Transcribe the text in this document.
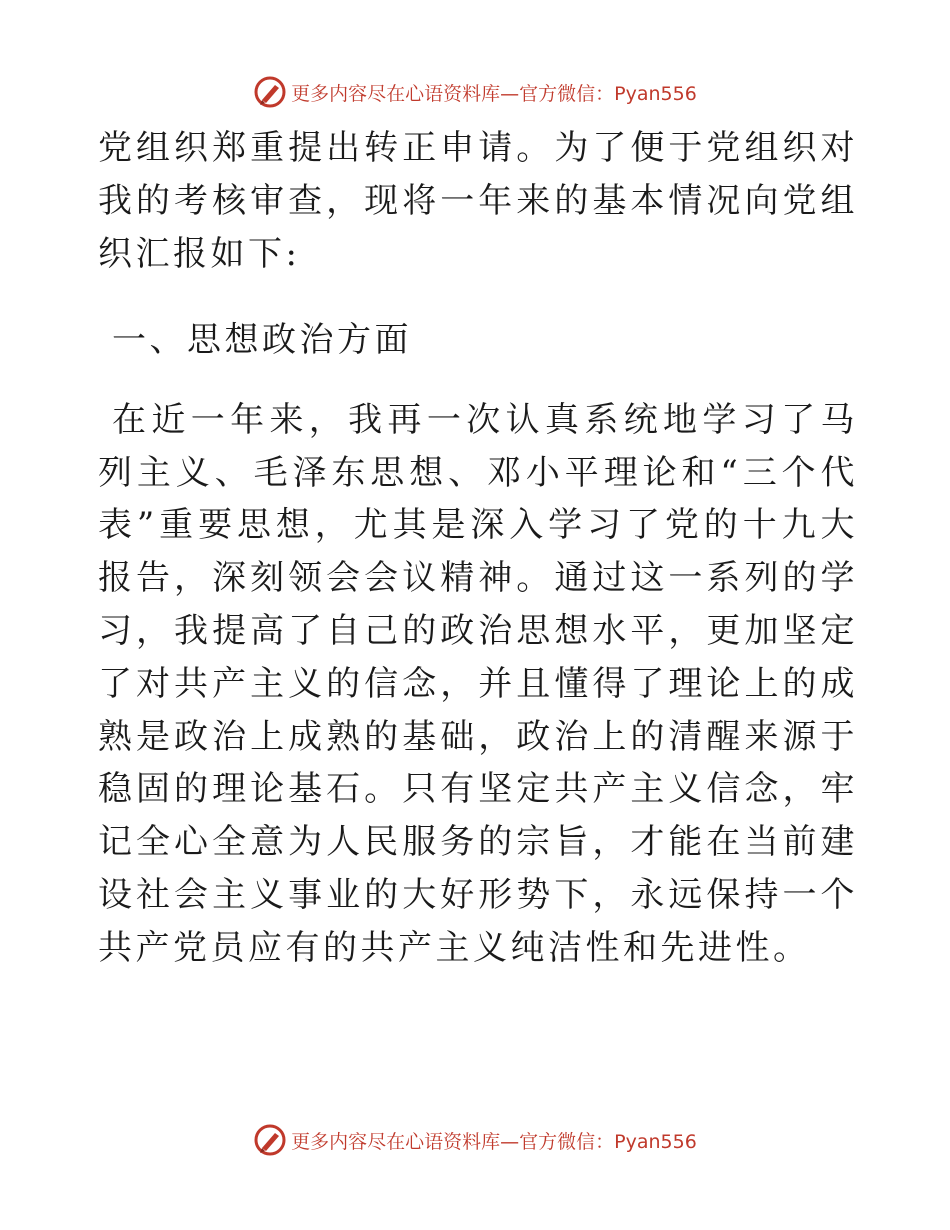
更多内容尽在心语资料库—官方微信：Pyan556

党组织郑重提出转正申请。为了便于党组织对我的考核审查，现将一年来的基本情况向党组织汇报如下:

一、思想政治方面

在近一年来，我再一次认真系统地学习了马列主义、毛泽东思想、邓小平理论和“三个代表”重要思想，尤其是深入学习了党的十九大报告，深刻领会会议精神。通过这一系列的学习，我提高了自己的政治思想水平，更加坚定了对共产主义的信念，并且懂得了理论上的成熟是政治上成熟的基础，政治上的清醒来源于稳固的理论基石。只有坚定共产主义信念，牢记全心全意为人民服务的宗旨，才能在当前建设社会主义事业的大好形势下，永远保持一个共产党员应有的共产主义纯洁性和先进性。

更多内容尽在心语资料库—官方微信：Pyan556
